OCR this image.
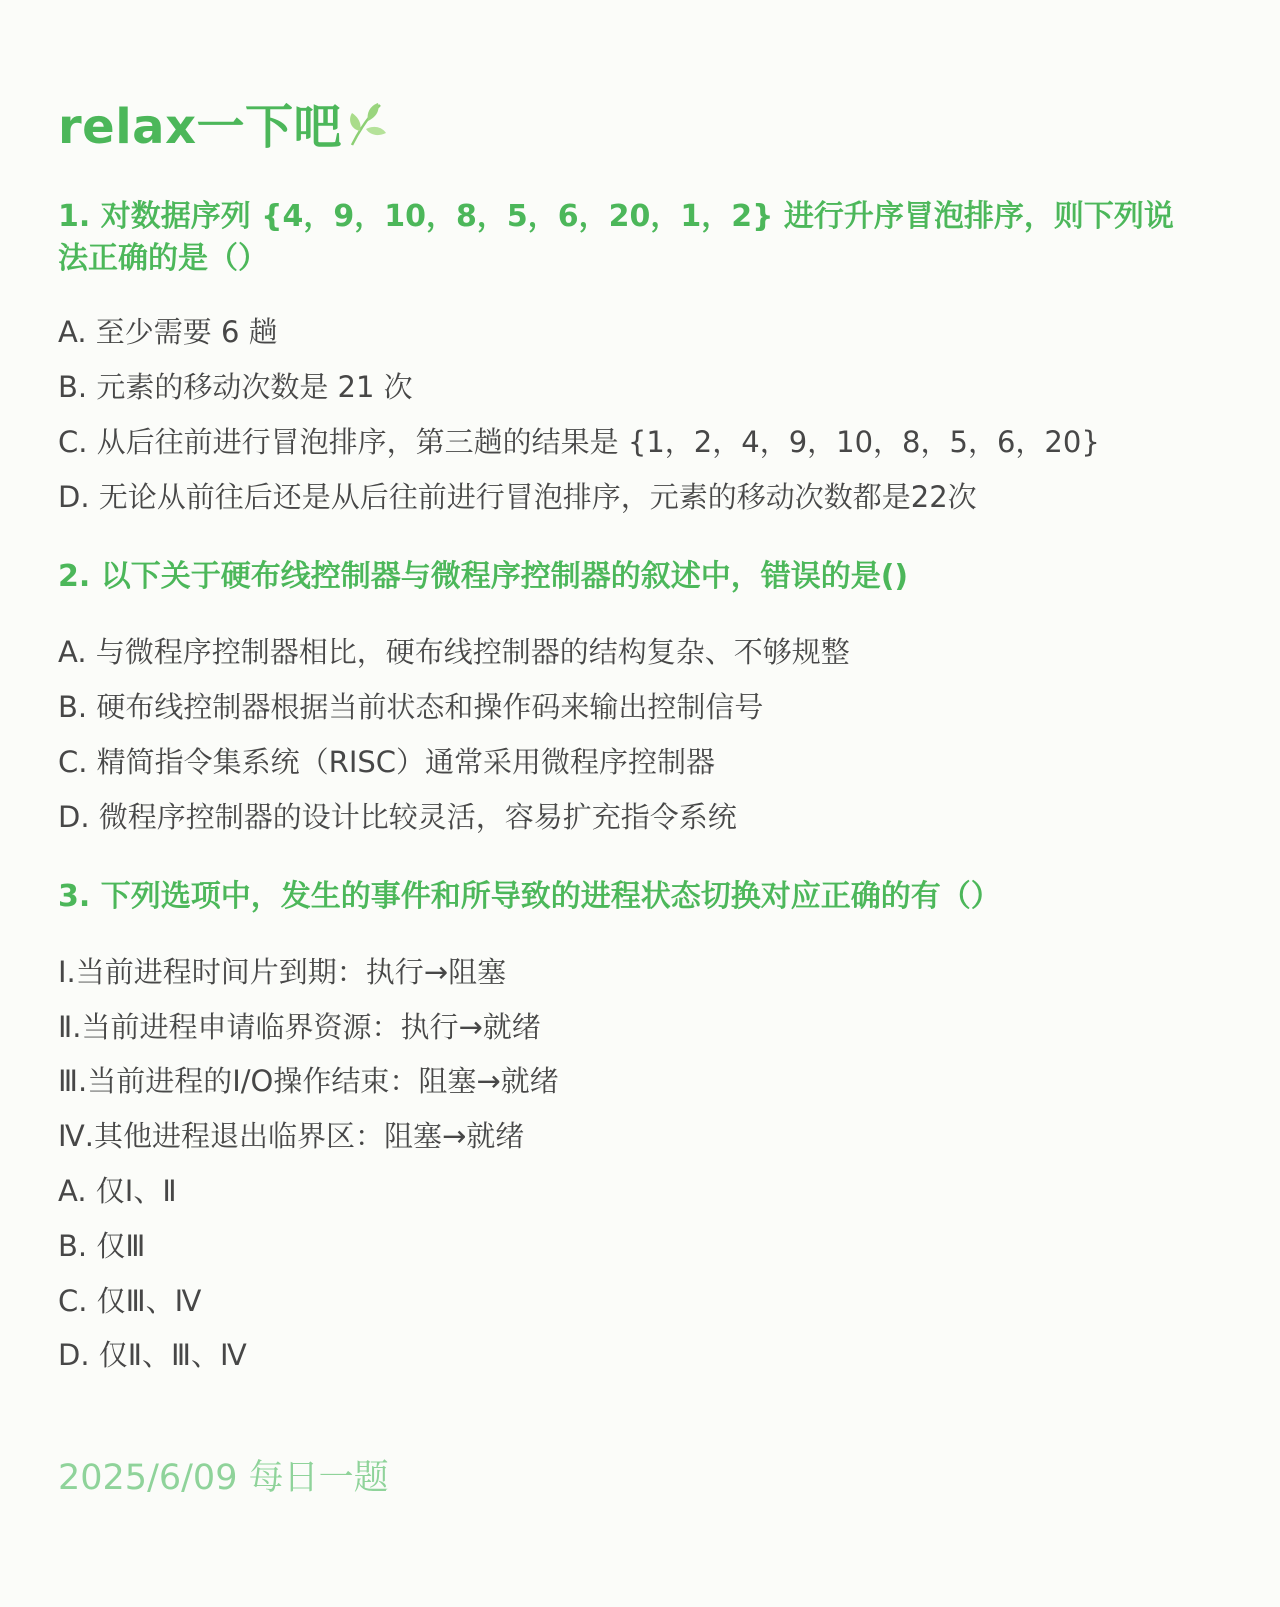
relax一下吧
1. 对数据序列 {4，9，10，8，5，6，20，1，2} 进行升序冒泡排序，则下列说法正确的是（）
A. 至少需要 6 趟
B. 元素的移动次数是 21 次
C. 从后往前进行冒泡排序，第三趟的结果是 {1，2，4，9，10，8，5，6，20}
D. 无论从前往后还是从后往前进行冒泡排序，元素的移动次数都是22次
2. 以下关于硬布线控制器与微程序控制器的叙述中，错误的是()
A. 与微程序控制器相比，硬布线控制器的结构复杂、不够规整
B. 硬布线控制器根据当前状态和操作码来输出控制信号
C. 精简指令集系统（RISC）通常采用微程序控制器
D. 微程序控制器的设计比较灵活，容易扩充指令系统
3. 下列选项中，发生的事件和所导致的进程状态切换对应正确的有（）
Ⅰ.当前进程时间片到期：执行→阻塞
Ⅱ.当前进程申请临界资源：执行→就绪
Ⅲ.当前进程的I/O操作结束：阻塞→就绪
Ⅳ.其他进程退出临界区：阻塞→就绪
A. 仅Ⅰ、Ⅱ
B. 仅Ⅲ
C. 仅Ⅲ、Ⅳ
D. 仅Ⅱ、Ⅲ、Ⅳ
2025/6/09 每日一题
